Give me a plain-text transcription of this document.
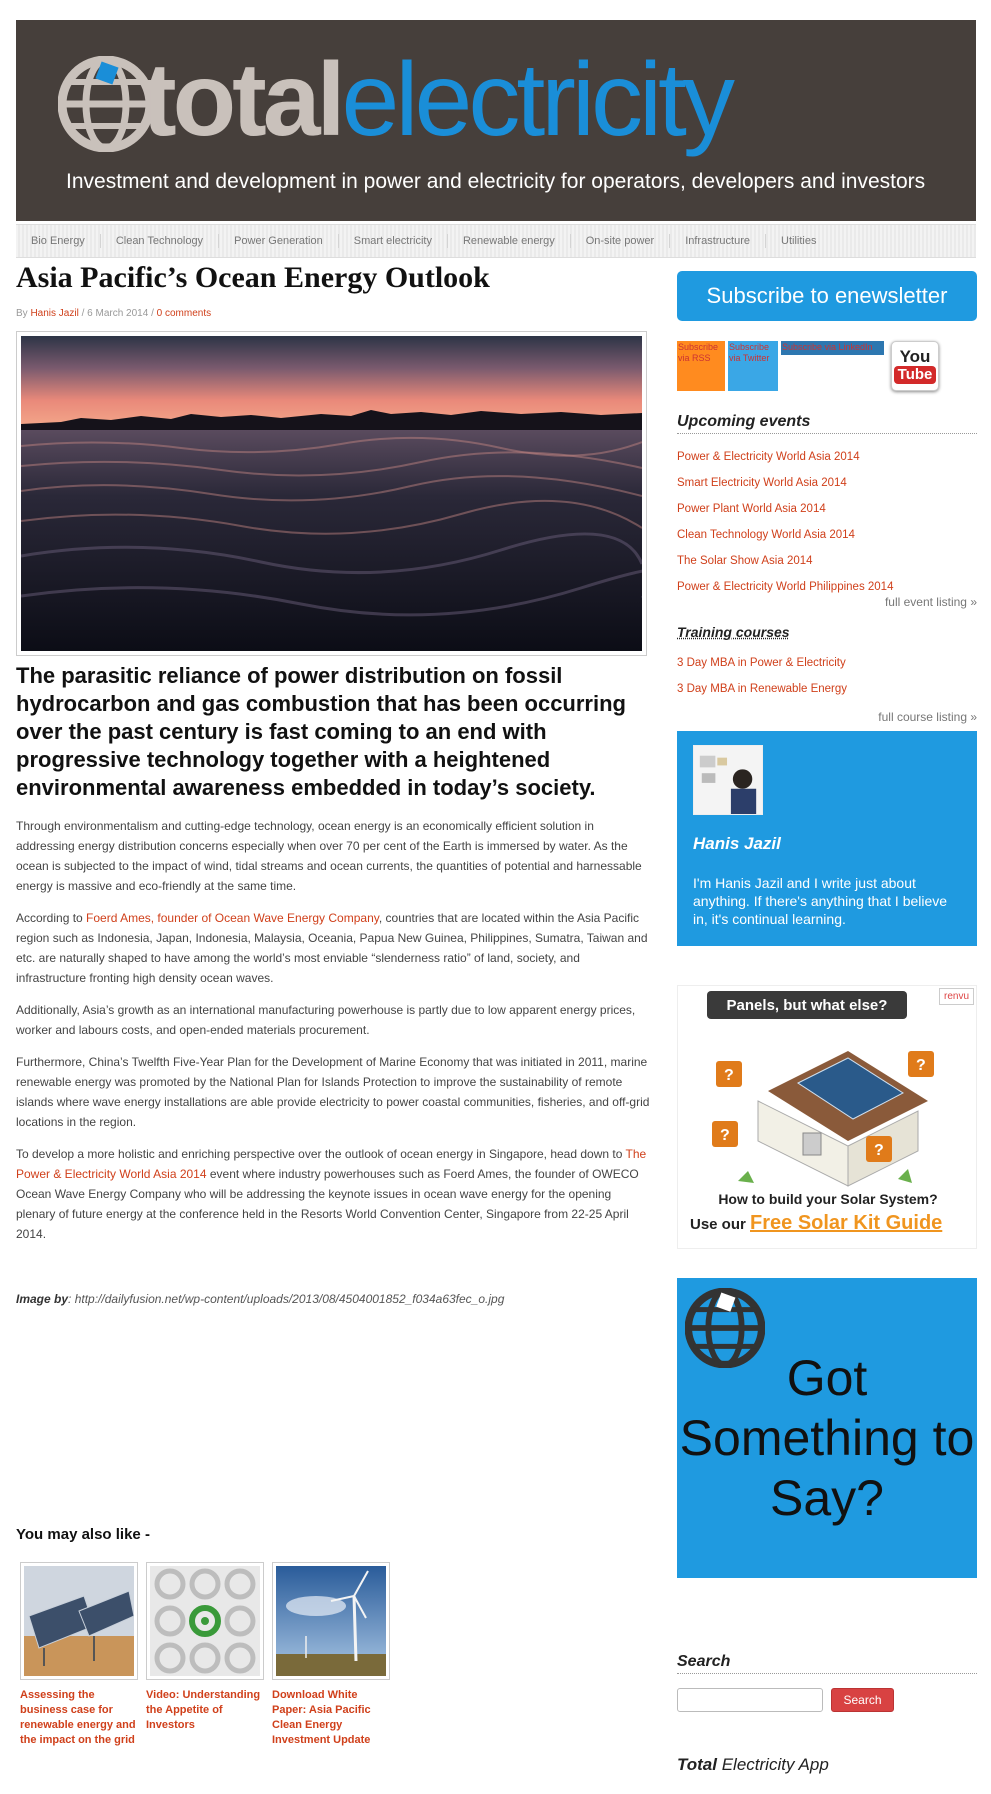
totalelectricity
Investment and development in power and electricity for operators, developers and investors
Bio Energy	Clean Technology	Power Generation	Smart electricity	Renewable energy	On-site power	Infrastructure	Utilities
Asia Pacific’s Ocean Energy Outlook
By Hanis Jazil / 6 March 2014 / 0 comments
The parasitic reliance of power distribution on fossil hydrocarbon and gas combustion that has been occurring over the past century is fast coming to an end with progressive technology together with a heightened environmental awareness embedded in today’s society.

Through environmentalism and cutting-edge technology, ocean energy is an economically efficient solution in addressing energy distribution concerns especially when over 70 per cent of the Earth is immersed by water. As the ocean is subjected to the impact of wind, tidal streams and ocean currents, the quantities of potential and harnessable energy is massive and eco-friendly at the same time.

According to Foerd Ames, founder of Ocean Wave Energy Company, countries that are located within the Asia Pacific region such as Indonesia, Japan, Indonesia, Malaysia, Oceania, Papua New Guinea, Philippines, Sumatra, Taiwan and etc. are naturally shaped to have among the world’s most enviable “slenderness ratio” of land, society, and infrastructure fronting high density ocean waves.

Additionally, Asia’s growth as an international manufacturing powerhouse is partly due to low apparent energy prices, worker and labours costs, and open-ended materials procurement.

Furthermore, China’s Twelfth Five-Year Plan for the Development of Marine Economy that was initiated in 2011, marine renewable energy was promoted by the National Plan for Islands Protection to improve the sustainability of remote islands where wave energy installations are able provide electricity to power coastal communities, fisheries, and off-grid locations in the region.

To develop a more holistic and enriching perspective over the outlook of ocean energy in Singapore, head down to The Power & Electricity World Asia 2014 event where industry powerhouses such as Foerd Ames, the founder of OWECO Ocean Wave Energy Company who will be addressing the keynote issues in ocean wave energy for the opening plenary of future energy at the conference held in the Resorts World Convention Center, Singapore from 22-25 April 2014.

Image by: http://dailyfusion.net/wp-content/uploads/2013/08/4504001852_f034a63fec_o.jpg
You may also like -
Assessing the business case for renewable energy and the impact on the grid
Video: Understanding the Appetite of Investors
Download White Paper: Asia Pacific Clean Energy Investment Update
Subscribe to enewsletter
Subscribe via RSS
Subscribe via Twitter
Subscribe via LinkedIn	You
Tube
Upcoming events
Power & Electricity World Asia 2014
Smart Electricity World Asia 2014
Power Plant World Asia 2014
Clean Technology World Asia 2014
The Solar Show Asia 2014
Power & Electricity World Philippines 2014
full event listing »
Training courses
3 Day MBA in Power & Electricity
3 Day MBA in Renewable Energy
full course listing »
Hanis Jazil
I'm Hanis Jazil and I write just about anything. If there's anything that I believe in, it's continual learning.
Panels, but what else?	renvu
?
?
?
?
How to build your Solar System?
Use our Free Solar Kit Guide
Got Something to Say?
Search
Search
Total Electricity App
